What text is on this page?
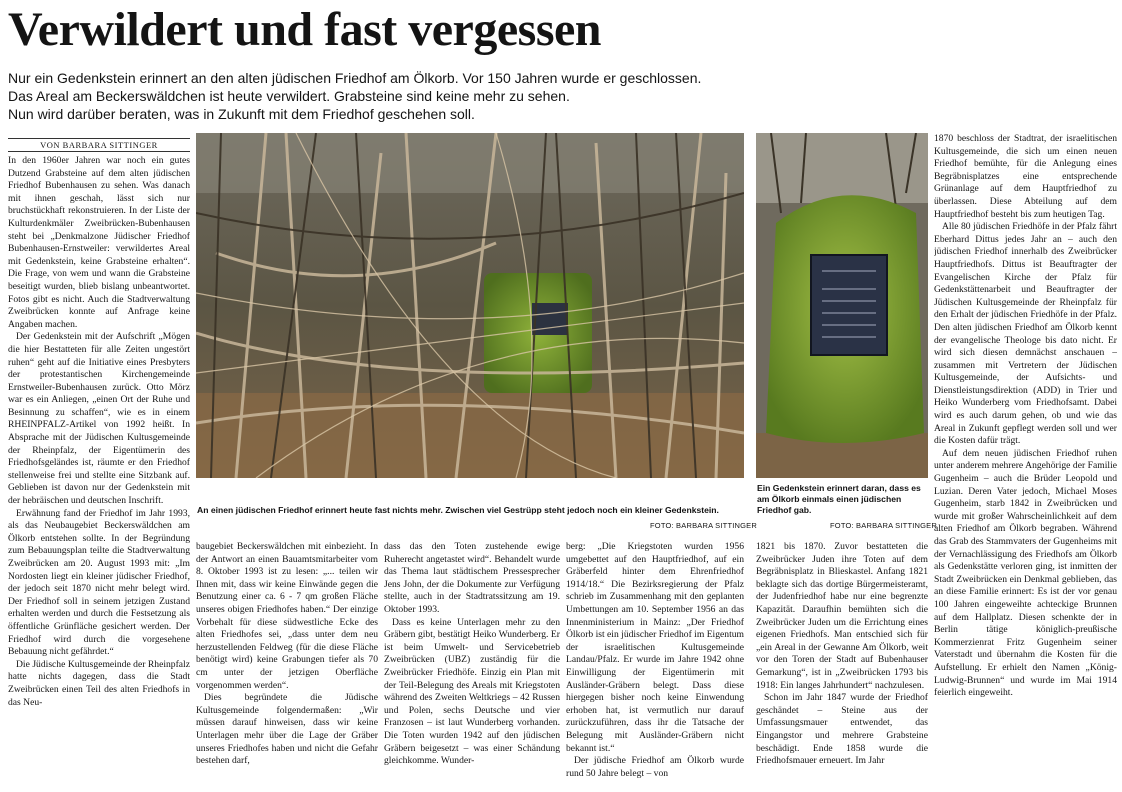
Verwildert und fast vergessen
Nur ein Gedenkstein erinnert an den alten jüdischen Friedhof am Ölkorb. Vor 150 Jahren wurde er geschlossen.
Das Areal am Beckerswäldchen ist heute verwildert. Grabsteine sind keine mehr zu sehen.
Nun wird darüber beraten, was in Zukunft mit dem Friedhof geschehen soll.
VON BARBARA SITTINGER

In den 1960er Jahren war noch ein gutes Dutzend Grabsteine auf dem alten jüdischen Friedhof Bubenhausen zu sehen. Was danach mit ihnen geschah, lässt sich nur bruchstückhaft rekonstruieren. In der Liste der Kulturdenkmäler Zweibrücken-Bubenhausen steht bei „Denkmalzone Jüdischer Friedhof Bubenhausen-Ernstweiler: verwildertes Areal mit Gedenkstein, keine Grabsteine erhalten“. Die Frage, von wem und wann die Grabsteine beseitigt wurden, blieb bislang unbeantwortet. Fotos gibt es nicht. Auch die Stadtverwaltung Zweibrücken konnte auf Anfrage keine Angaben machen.

Der Gedenkstein mit der Aufschrift „Mögen die hier Bestatteten für alle Zeiten ungestört ruhen“ geht auf die Initiative eines Presbyters der protestantischen Kirchengemeinde Ernstweiler-Bubenhausen zurück. Otto Mörz war es ein Anliegen, „einen Ort der Ruhe und Besinnung zu schaffen“, wie es in einem RHEINPFALZ-Artikel von 1992 heißt. In Absprache mit der Jüdischen Kultusgemeinde der Rheinpfalz, der Eigentümerin des Friedhofsgeländes ist, räumte er den Friedhof stellenweise frei und stellte eine Sitzbank auf. Geblieben ist davon nur der Gedenkstein mit der hebräischen und deutschen Inschrift.

Erwähnung fand der Friedhof im Jahr 1993, als das Neubaugebiet Beckerswäldchen am Ölkorb entstehen sollte. In der Begründung zum Bebauungsplan teilte die Stadtverwaltung Zweibrücken am 20. August 1993 mit: „Im Nordosten liegt ein kleiner jüdischer Friedhof, der jedoch seit 1870 nicht mehr belegt wird. Der Friedhof soll in seinem jetzigen Zustand erhalten werden und durch die Festsetzung als öffentliche Grünfläche gesichert werden. Der Friedhof wird durch die vorgesehene Bebauung nicht gefährdet.“

Die Jüdische Kultusgemeinde der Rheinpfalz hatte nichts dagegen, dass die Stadt Zweibrücken einen Teil des alten Friedhofs in das Neu-

An einen jüdischen Friedhof erinnert heute fast nichts mehr. Zwischen viel Gestrüpp steht jedoch noch ein kleiner Gedenkstein.
FOTO: BARBARA SITTINGER
Ein Gedenkstein erinnert daran, dass es am Ölkorb einmals einen jüdischen Friedhof gab.
FOTO: BARBARA SITTINGER

baugebiet Beckerswäldchen mit einbezieht. In der Antwort an einen Bauamtsmitarbeiter vom 8. Oktober 1993 ist zu lesen: „... teilen wir Ihnen mit, dass wir keine Einwände gegen die Benutzung einer ca. 6 - 7 qm großen Fläche unseres obigen Friedhofes haben.“ Der einzige Vorbehalt für diese südwestliche Ecke des alten Friedhofes sei, „dass unter dem neu herzustellenden Feldweg (für die diese Fläche benötigt wird) keine Grabungen tiefer als 70 cm unter der jetzigen Oberfläche vorgenommen werden“.

Dies begründete die Jüdische Kultusgemeinde folgendermaßen: „Wir müssen darauf hinweisen, dass wir keine Unterlagen mehr über die Lage der Gräber unseres Friedhofes haben und nicht die Gefahr bestehen darf,

dass das den Toten zustehende ewige Ruherecht angetastet wird“. Behandelt wurde das Thema laut städtischem Pressesprecher Jens John, der die Dokumente zur Verfügung stellte, auch in der Stadtratssitzung am 19. Oktober 1993.

Dass es keine Unterlagen mehr zu den Gräbern gibt, bestätigt Heiko Wunderberg. Er ist beim Umwelt- und Servicebetrieb Zweibrücken (UBZ) zuständig für die Zweibrücker Friedhöfe. Einzig ein Plan mit der Teil-Belegung des Areals mit Kriegstoten während des Zweiten Weltkriegs – 42 Russen und Polen, sechs Deutsche und vier Franzosen – ist laut Wunderberg vorhanden. Die Toten wurden 1942 auf den jüdischen Gräbern beigesetzt – was einer Schändung gleichkomme. Wunder-

berg: „Die Kriegstoten wurden 1956 umgebettet auf den Hauptfriedhof, auf ein Gräberfeld hinter dem Ehrenfriedhof 1914/18.“ Die Bezirksregierung der Pfalz schrieb im Zusammenhang mit den geplanten Umbettungen am 10. September 1956 an das Innenministerium in Mainz: „Der Friedhof Ölkorb ist ein jüdischer Friedhof im Eigentum der israelitischen Kultusgemeinde Landau/Pfalz. Er wurde im Jahre 1942 ohne Einwilligung der Eigentümerin mit Ausländer-Gräbern belegt. Dass diese hiergegen bisher noch keine Einwendung erhoben hat, ist vermutlich nur darauf zurückzuführen, dass ihr die Tatsache der Belegung mit Ausländer-Gräbern nicht bekannt ist.“

Der jüdische Friedhof am Ölkorb wurde rund 50 Jahre belegt – von

1821 bis 1870. Zuvor bestatteten die Zweibrücker Juden ihre Toten auf dem Begräbnisplatz in Blieskastel. Anfang 1821 beklagte sich das dortige Bürgermeisteramt, der Judenfriedhof habe nur eine begrenzte Kapazität. Daraufhin bemühten sich die Zweibrücker Juden um die Errichtung eines eigenen Friedhofs. Man entschied sich für „ein Areal in der Gewanne Am Ölkorb, weit vor den Toren der Stadt auf Bubenhauser Gemarkung“, ist in „Zweibrücken 1793 bis 1918: Ein langes Jahrhundert“ nachzulesen.

Schon im Jahr 1847 wurde der Friedhof geschändet – Steine aus der Umfassungsmauer entwendet, das Eingangstor und mehrere Grabsteine beschädigt. Ende 1858 wurde die Friedhofsmauer erneuert. Im Jahr

1870 beschloss der Stadtrat, der israelitischen Kultusgemeinde, die sich um einen neuen Friedhof bemühte, für die Anlegung eines Begräbnisplatzes eine entsprechende Grünanlage auf dem Hauptfriedhof zu überlassen. Diese Abteilung auf dem Hauptfriedhof besteht bis zum heutigen Tag.

Alle 80 jüdischen Friedhöfe in der Pfalz fährt Eberhard Dittus jedes Jahr an – auch den jüdischen Friedhof innerhalb des Zweibrücker Hauptfriedhofs. Dittus ist Beauftragter der Evangelischen Kirche der Pfalz für Gedenkstättenarbeit und Beauftragter der Jüdischen Kultusgemeinde der Rheinpfalz für den Erhalt der jüdischen Friedhöfe in der Pfalz. Den alten jüdischen Friedhof am Ölkorb kennt der evangelische Theologe bis dato nicht. Er wird sich diesen demnächst anschauen – zusammen mit Vertretern der Jüdischen Kultusgemeinde, der Aufsichts- und Dienstleistungsdirektion (ADD) in Trier und Heiko Wunderberg vom Friedhofsamt. Dabei wird es auch darum gehen, ob und wie das Areal in Zukunft gepflegt werden soll und wer die Kosten dafür trägt.

Auf dem neuen jüdischen Friedhof ruhen unter anderem mehrere Angehörige der Familie Gugenheim – auch die Brüder Leopold und Luzian. Deren Vater jedoch, Michael Moses Gugenheim, starb 1842 in Zweibrücken und wurde mit großer Wahrscheinlichkeit auf dem alten Friedhof am Ölkorb begraben. Während das Grab des Stammvaters der Gugenheims mit der Vernachlässigung des Friedhofs am Ölkorb als Gedenkstätte verloren ging, ist inmitten der Stadt Zweibrücken ein Denkmal geblieben, das an diese Familie erinnert: Es ist der vor genau 100 Jahren eingeweihte achteckige Brunnen auf dem Hallplatz. Diesen schenkte der in Berlin tätige königlich-preußische Kommerzienrat Fritz Gugenheim seiner Vaterstadt und übernahm die Kosten für die Aufstellung. Er erhielt den Namen „König-Ludwig-Brunnen“ und wurde im Mai 1914 feierlich eingeweiht.
